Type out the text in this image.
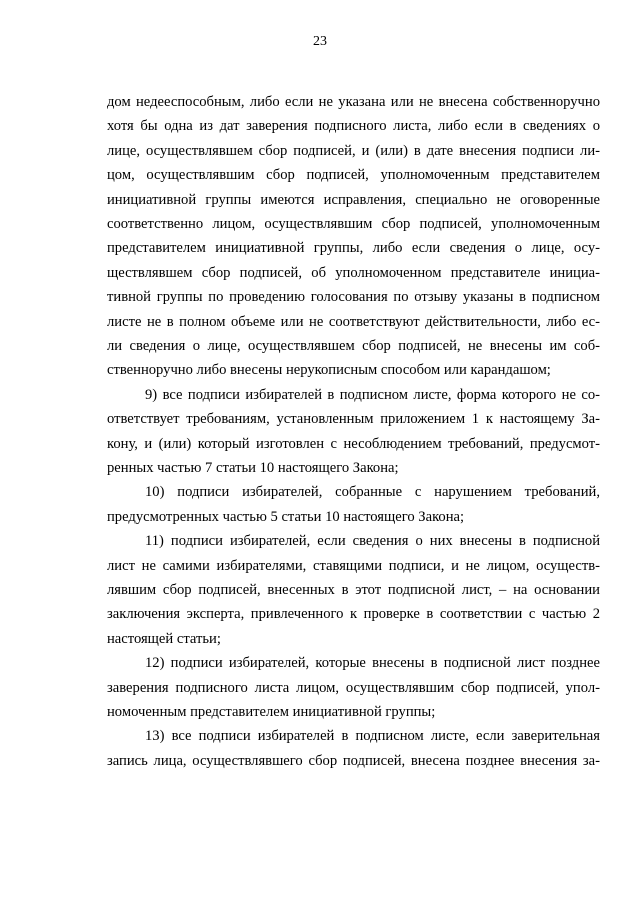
23
дом недееспособным, либо если не указана или не внесена собственноручно
хотя бы одна из дат заверения подписного листа, либо если в сведениях о
лице, осуществлявшем сбор подписей, и (или) в дате внесения подписи ли-
цом, осуществлявшим сбор подписей, уполномоченным представителем
инициативной группы имеются исправления, специально не оговоренные
соответственно лицом, осуществлявшим сбор подписей, уполномоченным
представителем инициативной группы, либо если сведения о лице, осу-
ществлявшем сбор подписей, об уполномоченном представителе инициа-
тивной группы по проведению голосования по отзыву указаны в подписном
листе не в полном объеме или не соответствуют действительности, либо ес-
ли сведения о лице, осуществлявшем сбор подписей, не внесены им соб-
ственноручно либо внесены нерукописным способом или карандашом;
9) все подписи избирателей в подписном листе, форма которого не со-
ответствует требованиям, установленным приложением 1 к настоящему За-
кону, и (или) который изготовлен с несоблюдением требований, предусмот-
ренных частью 7 статьи 10 настоящего Закона;
10) подписи избирателей, собранные с нарушением требований,
предусмотренных частью 5 статьи 10 настоящего Закона;
11) подписи избирателей, если сведения о них внесены в подписной
лист не самими избирателями, ставящими подписи, и не лицом, осуществ-
лявшим сбор подписей, внесенных в этот подписной лист, – на основании
заключения эксперта, привлеченного к проверке в соответствии с частью 2
настоящей статьи;
12) подписи избирателей, которые внесены в подписной лист позднее
заверения подписного листа лицом, осуществлявшим сбор подписей, упол-
номоченным представителем инициативной группы;
13) все подписи избирателей в подписном листе, если заверительная
запись лица, осуществлявшего сбор подписей, внесена позднее внесения за-
